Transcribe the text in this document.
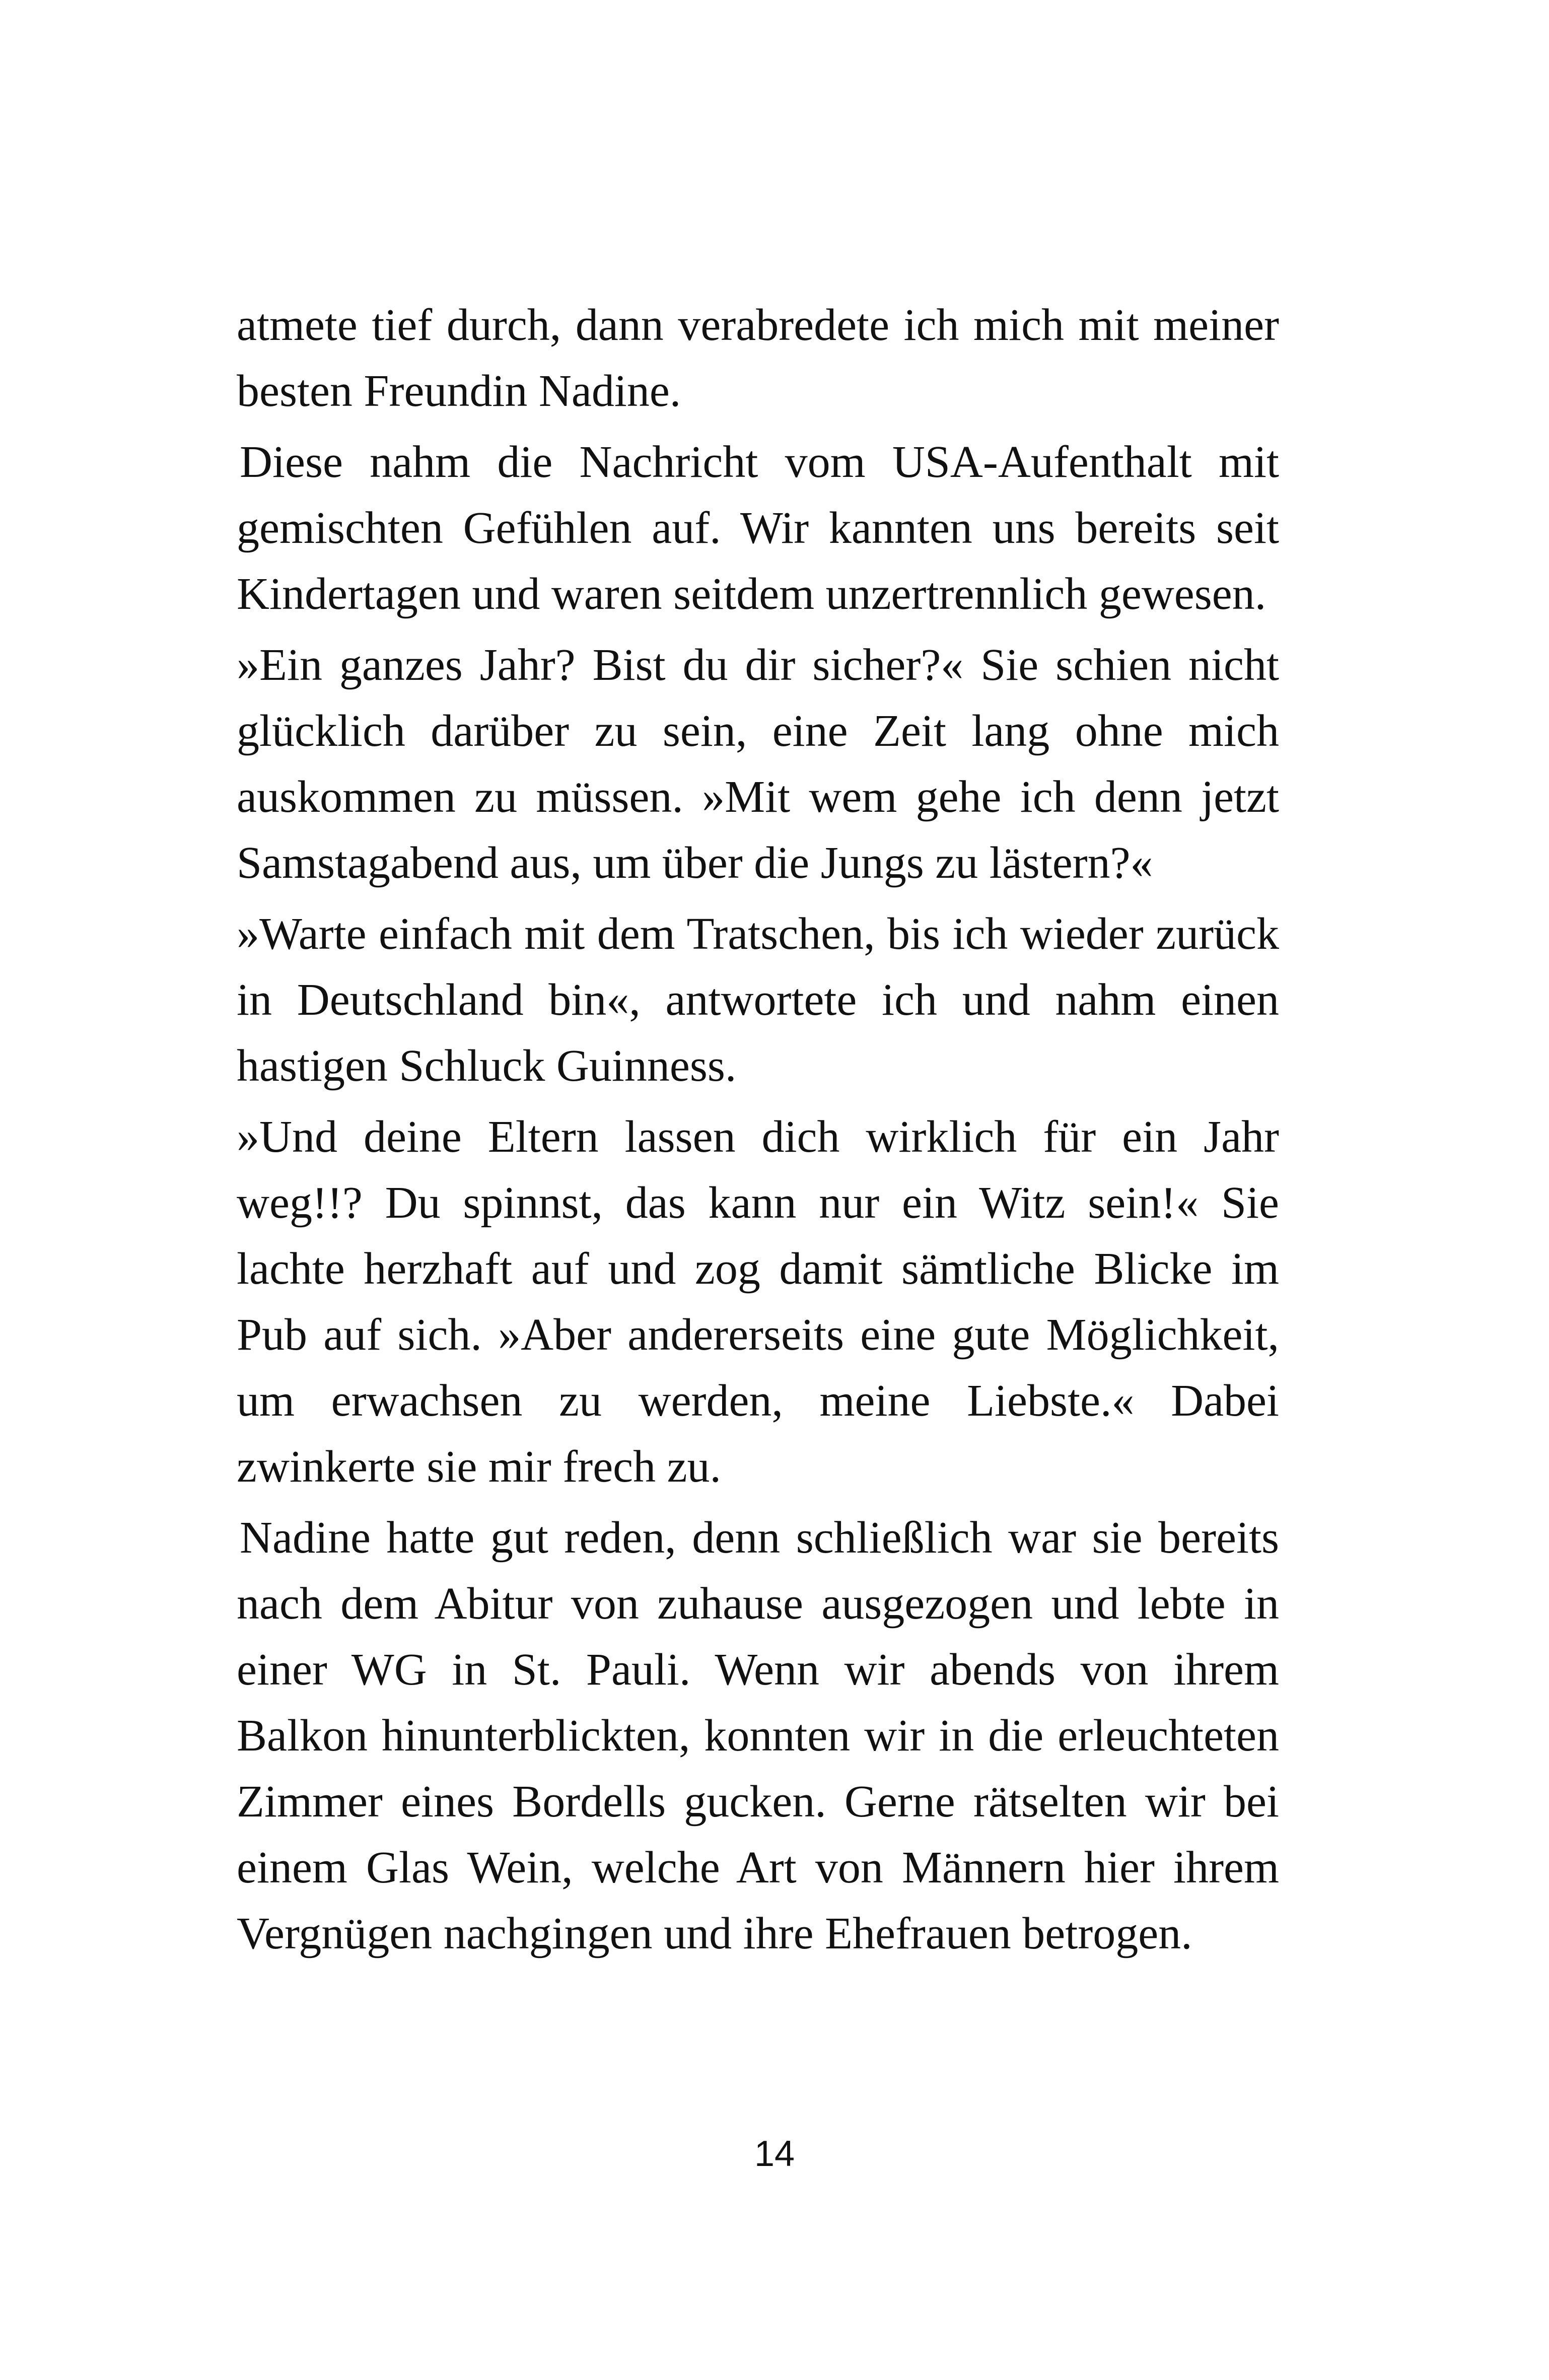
atmete tief durch, dann verabredete ich mich mit meiner besten Freundin Nadine.

Diese nahm die Nachricht vom USA-Aufenthalt mit gemischten Gefühlen auf. Wir kannten uns bereits seit Kindertagen und waren seitdem unzertrennlich gewesen.

»Ein ganzes Jahr? Bist du dir sicher?« Sie schien nicht glücklich darüber zu sein, eine Zeit lang ohne mich auskommen zu müssen. »Mit wem gehe ich denn jetzt Samstagabend aus, um über die Jungs zu lästern?«

»Warte einfach mit dem Tratschen, bis ich wieder zurück in Deutschland bin«, antwortete ich und nahm einen hastigen Schluck Guinness.

»Und deine Eltern lassen dich wirklich für ein Jahr weg!!? Du spinnst, das kann nur ein Witz sein!« Sie lachte herzhaft auf und zog damit sämtliche Blicke im Pub auf sich. »Aber andererseits eine gute Möglichkeit, um erwachsen zu werden, meine Liebste.« Dabei zwinkerte sie mir frech zu.

Nadine hatte gut reden, denn schließlich war sie bereits nach dem Abitur von zuhause ausgezogen und lebte in einer WG in St. Pauli. Wenn wir abends von ihrem Balkon hinunterblickten, konnten wir in die erleuchteten Zimmer eines Bordells gucken. Gerne rätselten wir bei einem Glas Wein, welche Art von Männern hier ihrem Vergnügen nachgingen und ihre Ehefrauen betrogen.

14
